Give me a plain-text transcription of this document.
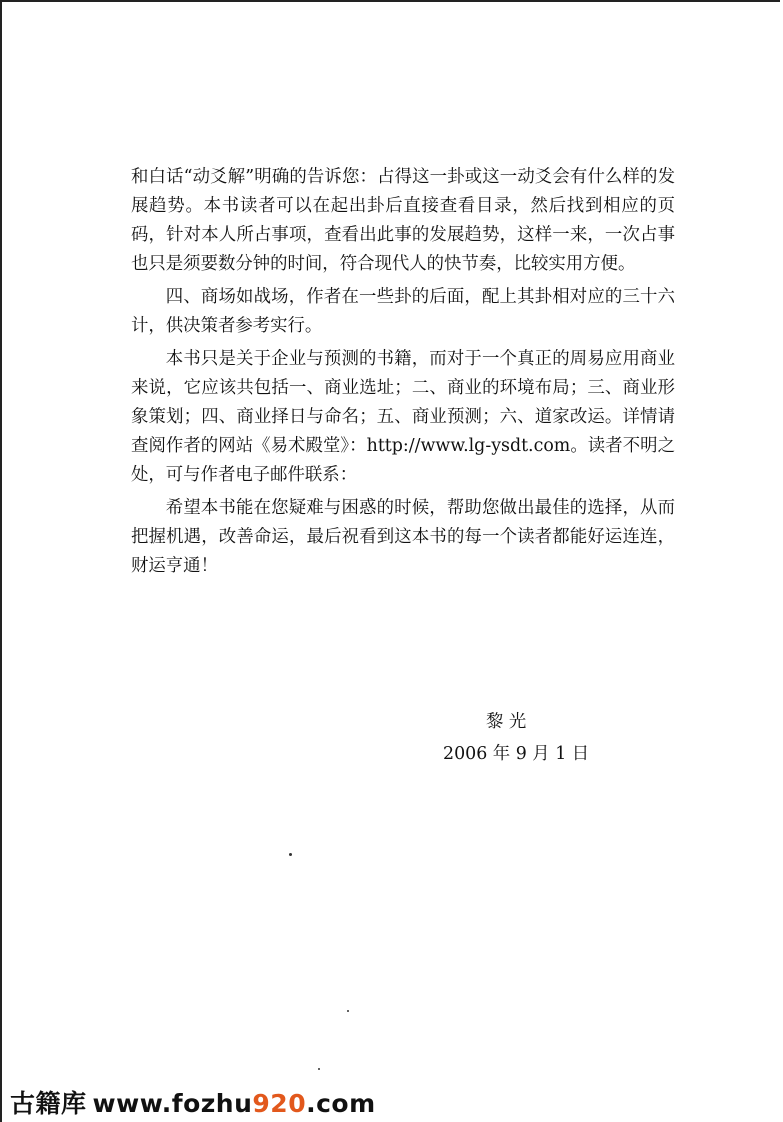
和白话“动爻解”明确的告诉您：占得这一卦或这一动爻会有什么样的发展趋势。本书读者可以在起出卦后直接查看目录，然后找到相应的页码，针对本人所占事项，查看出此事的发展趋势，这样一来，一次占事也只是须要数分钟的时间，符合现代人的快节奏，比较实用方便。

四、商场如战场，作者在一些卦的后面，配上其卦相对应的三十六计，供决策者参考实行。

本书只是关于企业与预测的书籍，而对于一个真正的周易应用商业来说，它应该共包括一、商业选址；二、商业的环境布局；三、商业形象策划；四、商业择日与命名；五、商业预测；六、道家改运。详情请查阅作者的网站《易术殿堂》：http://www.lg-ysdt.com。读者不明之处，可与作者电子邮件联系：

希望本书能在您疑难与困惑的时候，帮助您做出最佳的选择，从而把握机遇，改善命运，最后祝看到这本书的每一个读者都能好运连连，财运亨通！

黎 光
2006 年 9 月 1 日
古籍库 www.fozhu920.com
